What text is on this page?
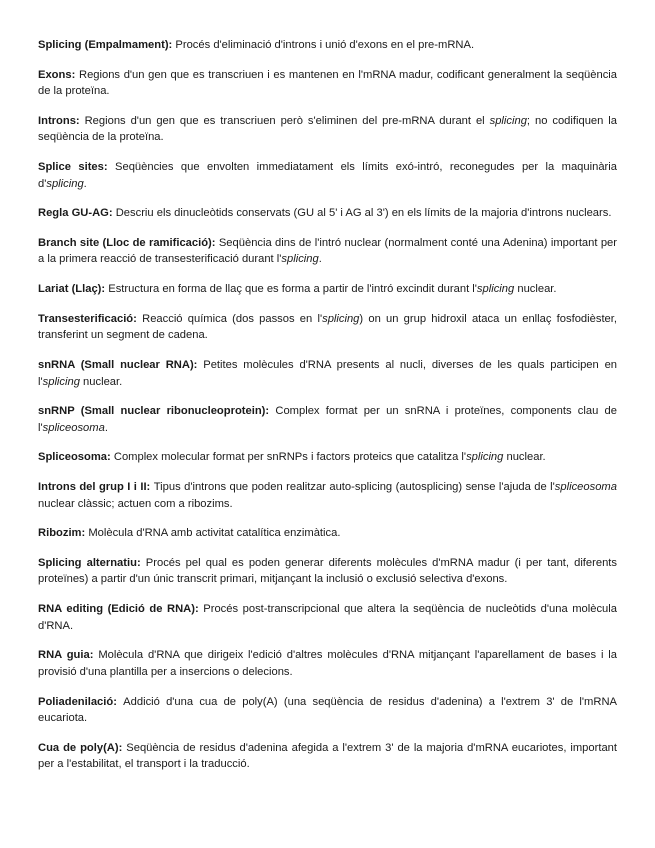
Splicing (Empalmament): Procés d'eliminació d'introns i unió d'exons en el pre-mRNA.

Exons: Regions d'un gen que es transcriuen i es mantenen en l'mRNA madur, codificant generalment la seqüència de la proteïna.

Introns: Regions d'un gen que es transcriuen però s'eliminen del pre-mRNA durant el splicing; no codifiquen la seqüència de la proteïna.

Splice sites: Seqüències que envolten immediatament els límits exó-intró, reconegudes per la maquinària d'splicing.

Regla GU-AG: Descriu els dinucleòtids conservats (GU al 5' i AG al 3') en els límits de la majoria d'introns nuclears.

Branch site (Lloc de ramificació): Seqüència dins de l'intró nuclear (normalment conté una Adenina) important per a la primera reacció de transesterificació durant l'splicing.

Lariat (Llaç): Estructura en forma de llaç que es forma a partir de l'intró excindit durant l'splicing nuclear.

Transesterificació: Reacció química (dos passos en l'splicing) on un grup hidroxil ataca un enllaç fosfodièster, transferint un segment de cadena.

snRNA (Small nuclear RNA): Petites molècules d'RNA presents al nucli, diverses de les quals participen en l'splicing nuclear.

snRNP (Small nuclear ribonucleoprotein): Complex format per un snRNA i proteïnes, components clau de l'spliceosoma.

Spliceosoma: Complex molecular format per snRNPs i factors proteics que catalitza l'splicing nuclear.

Introns del grup I i II: Tipus d'introns que poden realitzar auto-splicing (autosplicing) sense l'ajuda de l'spliceosoma nuclear clàssic; actuen com a ribozims.

Ribozim: Molècula d'RNA amb activitat catalítica enzimàtica.

Splicing alternatiu: Procés pel qual es poden generar diferents molècules d'mRNA madur (i per tant, diferents proteïnes) a partir d'un únic transcrit primari, mitjançant la inclusió o exclusió selectiva d'exons.

RNA editing (Edició de RNA): Procés post-transcripcional que altera la seqüència de nucleòtids d'una molècula d'RNA.

RNA guia: Molècula d'RNA que dirigeix l'edició d'altres molècules d'RNA mitjançant l'aparellament de bases i la provisió d'una plantilla per a insercions o delecions.

Poliadenilació: Addició d'una cua de poly(A) (una seqüència de residus d'adenina) a l'extrem 3' de l'mRNA eucariota.

Cua de poly(A): Seqüència de residus d'adenina afegida a l'extrem 3' de la majoria d'mRNA eucariotes, important per a l'estabilitat, el transport i la traducció.
